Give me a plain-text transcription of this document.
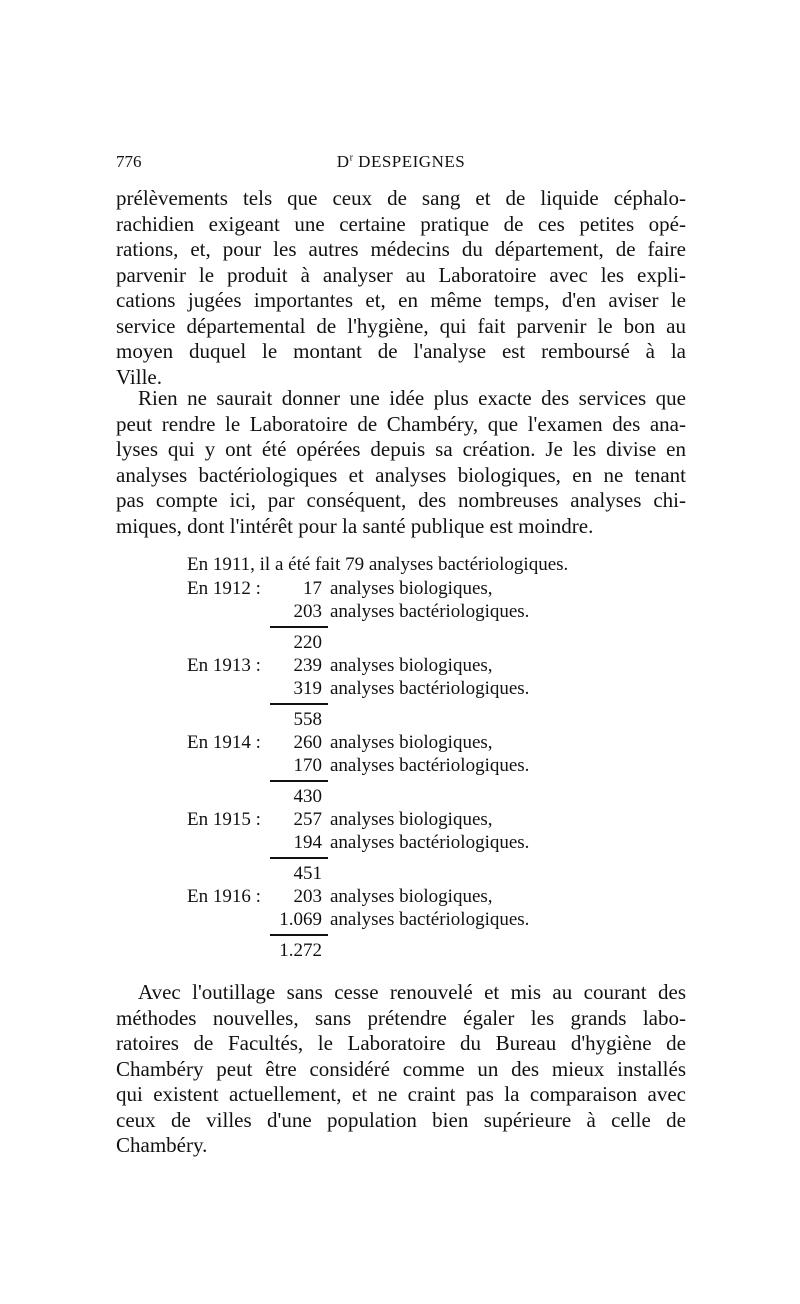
776	$D^r$ DESPEIGNES
prélèvements tels que ceux de sang et de liquide céphalo-
rachidien exigeant une certaine pratique de ces petites opé-
rations, et, pour les autres médecins du département, de faire
parvenir le produit à analyser au Laboratoire avec les expli-
cations jugées importantes et, en même temps, d'en aviser le
service départemental de l'hygiène, qui fait parvenir le bon au
moyen duquel le montant de l'analyse est remboursé à la
Ville.
Rien ne saurait donner une idée plus exacte des services que
peut rendre le Laboratoire de Chambéry, que l'examen des ana-
lyses qui y ont été opérées depuis sa création. Je les divise en
analyses bactériologiques et analyses biologiques, en ne tenant
pas compte ici, par conséquent, des nombreuses analyses chi-
miques, dont l'intérêt pour la santé publique est moindre.
En 1911, il a été fait 79 analyses bactériologiques.
En 1912 :	17 analyses biologiques,
203 analyses bactériologiques.
220
En 1913 :	239 analyses biologiques,
319 analyses bactériologiques.
558
En 1914 :	260 analyses biologiques,
170 analyses bactériologiques.
430
En 1915 :	257 analyses biologiques,
194 analyses bactériologiques.
451
En 1916 :	203 analyses biologiques,
1.069 analyses bactériologiques.
1.272
Avec l'outillage sans cesse renouvelé et mis au courant des
méthodes nouvelles, sans prétendre égaler les grands labo-
ratoires de Facultés, le Laboratoire du Bureau d'hygiène de
Chambéry peut être considéré comme un des mieux installés
qui existent actuellement, et ne craint pas la comparaison avec
ceux de villes d'une population bien supérieure à celle de
Chambéry.
